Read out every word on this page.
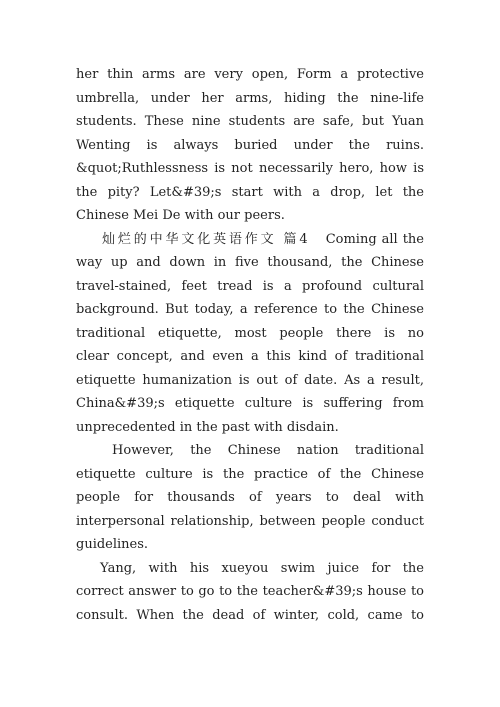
her thin arms are very open, Form a protective
umbrella, under her arms, hiding the nine-life
students. These nine students are safe, but Yuan
Wenting is always buried under the ruins.
&quot;Ruthlessness is not necessarily hero, how is
the pity? Let&#39;s start with a drop, let the
Chinese Mei De with our peers.
灿烂的中华文化英语作文 篇4 Coming all the
way up and down in five thousand, the Chinese
travel-stained, feet tread is a profound cultural
background. But today, a reference to the Chinese
traditional etiquette, most people there is no
clear concept, and even a this kind of traditional
etiquette humanization is out of date. As a result,
China&#39;s etiquette culture is suffering from
unprecedented in the past with disdain.
However, the Chinese nation traditional
etiquette culture is the practice of the Chinese
people for thousands of years to deal with
interpersonal relationship, between people conduct
guidelines.
Yang, with his xueyou swim juice for the
correct answer to go to the teacher&#39;s house to
consult. When the dead of winter, cold, came to
